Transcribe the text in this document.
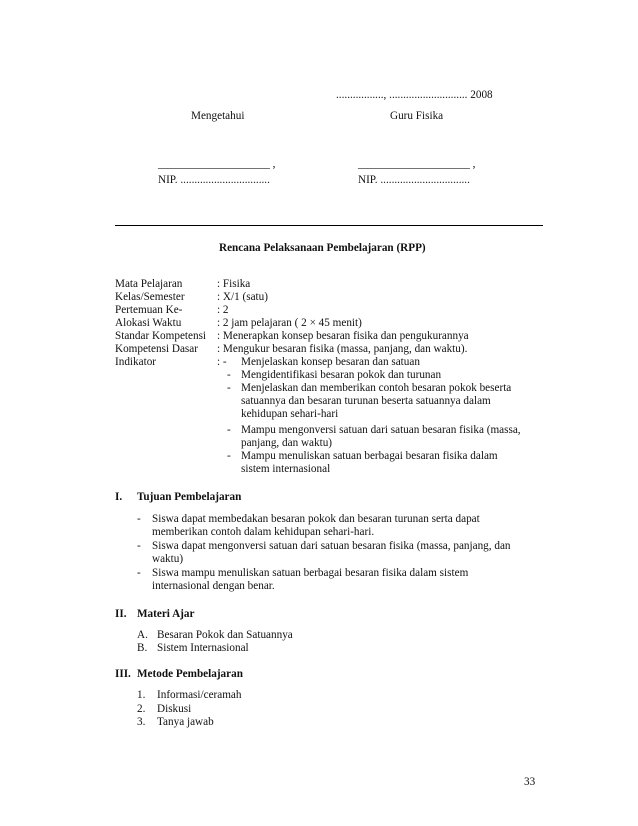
................., ............................ 2008
Mengetahui	Guru Fisika
____________________ ,	____________________ ,
NIP. ................................	NIP. ................................
Rencana Pelaksanaan Pembelajaran (RPP)
Mata Pelajaran	: Fisika
Kelas/Semester	: X/1 (satu)
Pertemuan Ke-	: 2
Alokasi Waktu	: 2 jam pelajaran ( 2 × 45 menit)
Standar Kompetensi : Menerapkan konsep besaran fisika dan pengukurannya
Kompetensi Dasar : Mengukur besaran fisika (massa, panjang, dan waktu).
Indikator	: - Menjelaskan konsep besaran dan satuan
- Mengidentifikasi besaran pokok dan turunan
- Menjelaskan dan memberikan contoh besaran pokok beserta
satuannya dan besaran turunan beserta satuannya dalam
kehidupan sehari-hari
- Mampu mengonversi satuan dari satuan besaran fisika (massa,
panjang, dan waktu)
- Mampu menuliskan satuan berbagai besaran fisika dalam
sistem internasional
I. Tujuan Pembelajaran
- Siswa dapat membedakan besaran pokok dan besaran turunan serta dapat
memberikan contoh dalam kehidupan sehari-hari.
- Siswa dapat mengonversi satuan dari satuan besaran fisika (massa, panjang, dan
waktu)
- Siswa mampu menuliskan satuan berbagai besaran fisika dalam sistem
internasional dengan benar.
II. Materi Ajar
A. Besaran Pokok dan Satuannya
B. Sistem Internasional
III. Metode Pembelajaran
1. Informasi/ceramah
2. Diskusi
3. Tanya jawab
33
